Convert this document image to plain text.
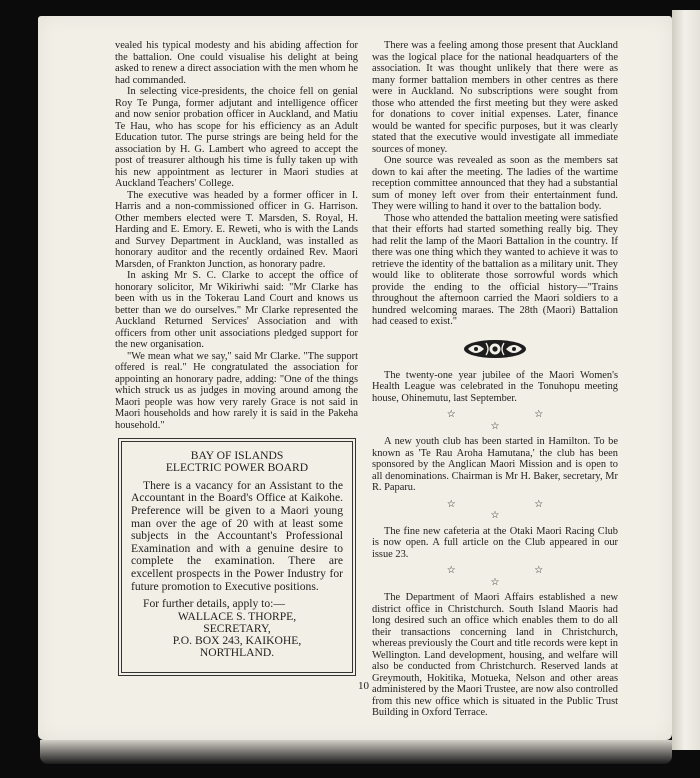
vealed his typical modesty and his abiding affection for the battalion. One could visualise his delight at being asked to renew a direct association with the men whom he had commanded.

In selecting vice-presidents, the choice fell on genial Roy Te Punga, former adjutant and intelligence officer and now senior probation officer in Auckland, and Matiu Te Hau, who has scope for his efficiency as an Adult Education tutor. The purse strings are being held for the association by H. G. Lambert who agreed to accept the post of treasurer although his time is fully taken up with his new appointment as lecturer in Maori studies at Auckland Teachers' College.

The executive was headed by a former officer in I. Harris and a non-commissioned officer in G. Harrison. Other members elected were T. Marsden, S. Royal, H. Harding and E. Emory. E. Reweti, who is with the Lands and Survey Department in Auckland, was installed as honorary auditor and the recently ordained Rev. Maori Marsden, of Frankton Junction, as honorary padre.

In asking Mr S. C. Clarke to accept the office of honorary solicitor, Mr Wikiriwhi said: "Mr Clarke has been with us in the Tokerau Land Court and knows us better than we do ourselves." Mr Clarke represented the Auckland Returned Services' Association and with officers from other unit associations pledged support for the new organisation.

"We mean what we say," said Mr Clarke. "The support offered is real." He congratulated the association for appointing an honorary padre, adding: "One of the things which struck us as judges in moving around among the Maori people was how very rarely Grace is not said in Maori households and how rarely it is said in the Pakeha household."

BAY OF ISLANDS
ELECTRIC POWER BOARD
There is a vacancy for an Assistant to the Accountant in the Board's Office at Kaikohe. Preference will be given to a Maori young man over the age of 20 with at least some subjects in the Accountant's Professional Examination and with a genuine desire to complete the examination. There are excellent prospects in the Power Industry for future promotion to Executive positions.

For further details, apply to:—

WALLACE S. THORPE,
SECRETARY,
P.O. BOX 243, KAIKOHE,
NORTHLAND.

There was a feeling among those present that Auckland was the logical place for the national headquarters of the association. It was thought unlikely that there were as many former battalion members in other centres as there were in Auckland. No subscriptions were sought from those who attended the first meeting but they were asked for donations to cover initial expenses. Later, finance would be wanted for specific purposes, but it was clearly stated that the executive would investigate all immediate sources of money.

One source was revealed as soon as the members sat down to kai after the meeting. The ladies of the wartime reception committee announced that they had a substantial sum of money left over from their entertainment fund. They were willing to hand it over to the battalion body.

Those who attended the battalion meeting were satisfied that their efforts had started something really big. They had relit the lamp of the Maori Battalion in the country. If there was one thing which they wanted to achieve it was to retrieve the identity of the battalion as a military unit. They would like to obliterate those sorrowful words which provide the ending to the official history—"Trains throughout the afternoon carried the Maori soldiers to a hundred welcoming maraes. The 28th (Maori) Battalion had ceased to exist."

The twenty-one year jubilee of the Maori Women's Health League was celebrated in the Tonuhopu meeting house, Ohinemutu, last September.

☆ ☆ ☆

A new youth club has been started in Hamilton. To be known as 'Te Rau Aroha Hamutana,' the club has been sponsored by the Anglican Maori Mission and is open to all denominations. Chairman is Mr H. Baker, secretary, Mr R. Paparu.

☆ ☆ ☆

The fine new cafeteria at the Otaki Maori Racing Club is now open. A full article on the Club appeared in our issue 23.

☆ ☆ ☆

The Department of Maori Affairs established a new district office in Christchurch. South Island Maoris had long desired such an office which enables them to do all their transactions concerning land in Christchurch, whereas previously the Court and title records were kept in Wellington. Land development, housing, and welfare will also be conducted from Christchurch. Reserved lands at Greymouth, Hokitika, Motueka, Nelson and other areas administered by the Maori Trustee, are now also controlled from this new office which is situated in the Public Trust Building in Oxford Terrace.

10
